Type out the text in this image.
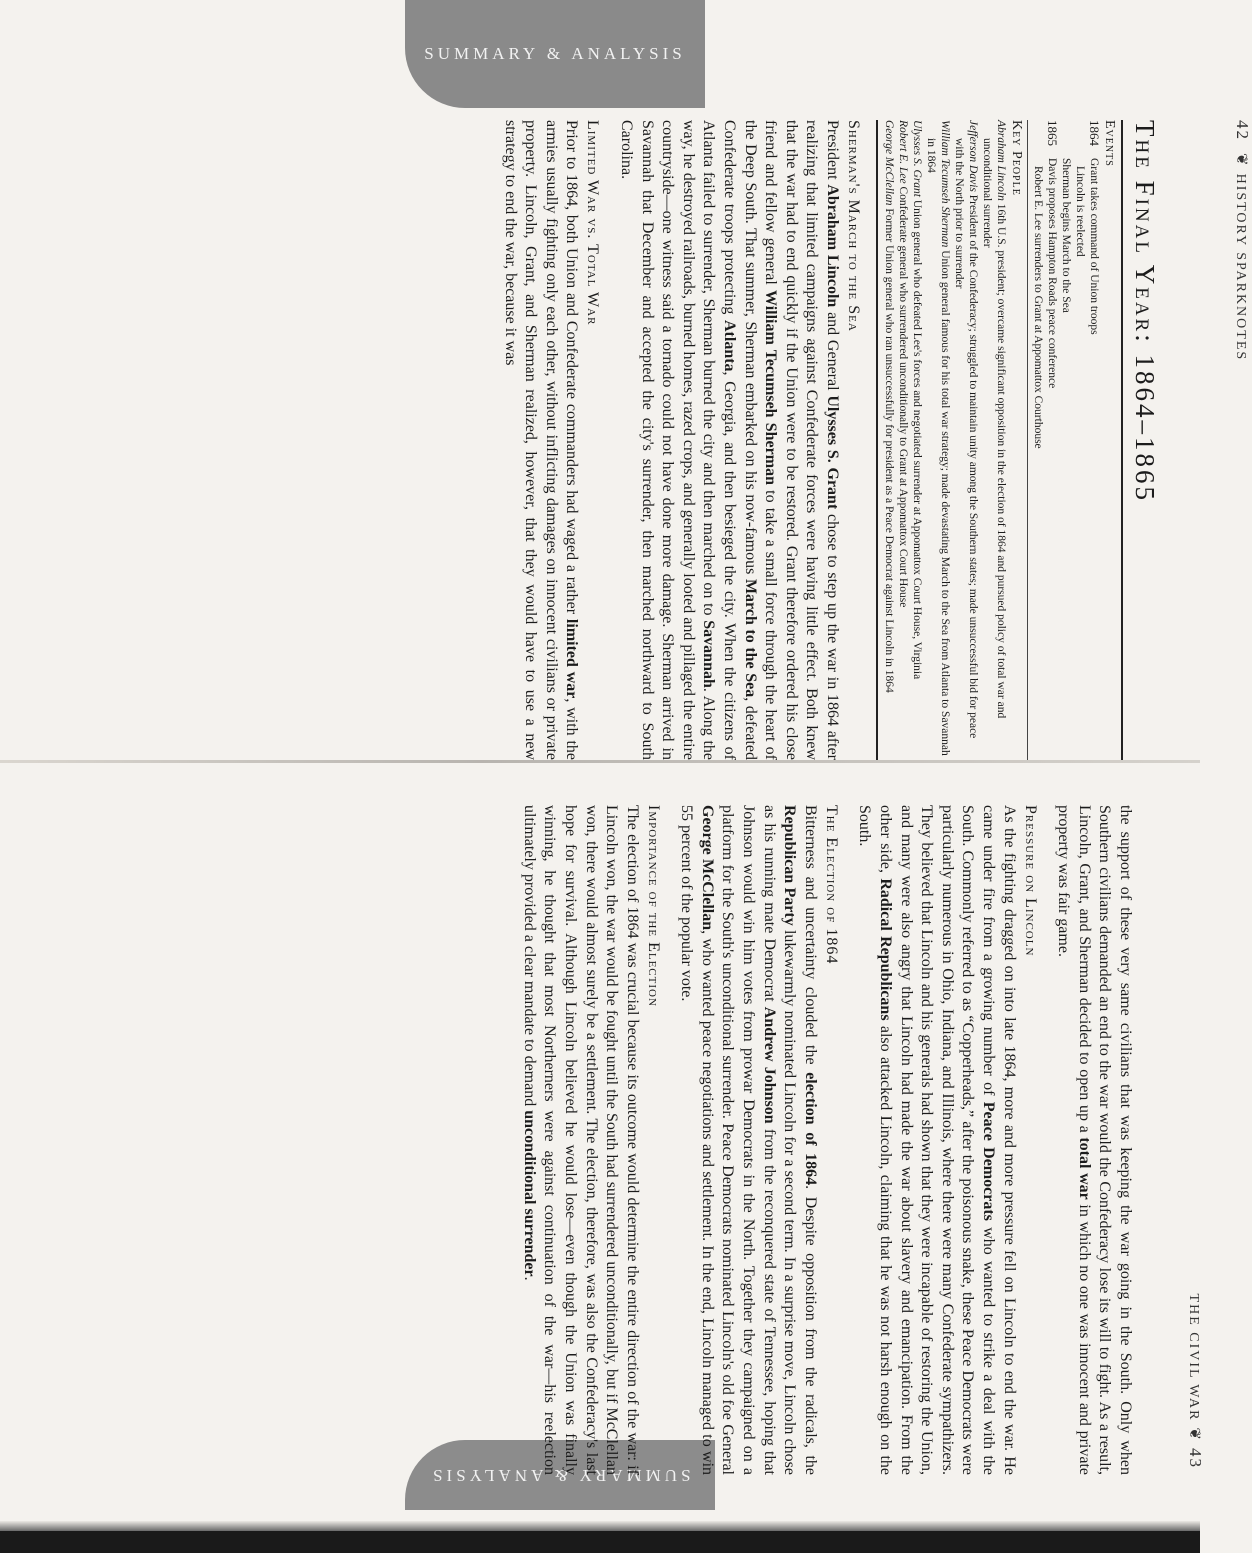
SUMMARY & ANALYSIS
SUMMARY & ANALYSIS
42❦HISTORY SPARKNOTES
The Final Year: 1864–1865
Events
1864
Grant takes command of Union troops
Lincoln is reelected
Sherman begins March to the Sea
1865
Davis proposes Hampton Roads peace conference
Robert E. Lee surrenders to Grant at Appomattox Courthouse
Key People
Abraham Lincoln 16th U.S. president; overcame significant opposition in the election of 1864 and pursued policy of total war and unconditional surrender
Jefferson Davis President of the Confederacy; struggled to maintain unity among the Southern states; made unsuccessful bid for peace with the North prior to surrender
William Tecumseh Sherman Union general famous for his total war strategy; made devastating March to the Sea from Atlanta to Savannah in 1864
Ulysses S. Grant Union general who defeated Lee's forces and negotiated surrender at Appomattox Court House, Virginia
Robert E. Lee Confederate general who surrendered unconditionally to Grant at Appomattox Court House
George McClellan Former Union general who ran unsuccessfully for president as a Peace Democrat against Lincoln in 1864
Sherman's March to the Sea

President Abraham Lincoln and General Ulysses S. Grant chose to step up the war in 1864 after realizing that limited campaigns against Confederate forces were having little effect. Both knew that the war had to end quickly if the Union were to be restored. Grant therefore ordered his close friend and fellow general William Tecumseh Sherman to take a small force through the heart of the Deep South. That summer, Sherman embarked on his now-famous March to the Sea, defeated Confederate troops protecting Atlanta, Georgia, and then besieged the city. When the citizens of Atlanta failed to surrender, Sherman burned the city and then marched on to Savannah. Along the way, he destroyed railroads, burned homes, razed crops, and generally looted and pillaged the entire countryside—one witness said a tornado could not have done more damage. Sherman arrived in Savannah that December and accepted the city's surrender, then marched northward to South Carolina.

Limited War vs. Total War

Prior to 1864, both Union and Confederate commanders had waged a rather limited war, with the armies usually fighting only each other, without inflicting damages on innocent civilians or private property. Lincoln, Grant, and Sherman realized, however, that they would have to use a new strategy to end the war, because it was

THE CIVIL WAR❦43

the support of these very same civilians that was keeping the war going in the South. Only when Southern civilians demanded an end to the war would the Confederacy lose its will to fight. As a result, Lincoln, Grant, and Sherman decided to open up a total war in which no one was innocent and private property was fair game.

Pressure on Lincoln

As the fighting dragged on into late 1864, more and more pressure fell on Lincoln to end the war. He came under fire from a growing number of Peace Democrats who wanted to strike a deal with the South. Commonly referred to as “Copperheads,” after the poisonous snake, these Peace Democrats were particularly numerous in Ohio, Indiana, and Illinois, where there were many Confederate sympathizers. They believed that Lincoln and his generals had shown that they were incapable of restoring the Union, and many were also angry that Lincoln had made the war about slavery and emancipation. From the other side, Radical Republicans also attacked Lincoln, claiming that he was not harsh enough on the South.

The Election of 1864

Bitterness and uncertainty clouded the election of 1864. Despite opposition from the radicals, the Republican Party lukewarmly nominated Lincoln for a second term. In a surprise move, Lincoln chose as his running mate Democrat Andrew Johnson from the reconquered state of Tennessee, hoping that Johnson would win him votes from prowar Democrats in the North. Together they campaigned on a platform for the South's unconditional surrender. Peace Democrats nominated Lincoln's old foe General George McClellan, who wanted peace negotiations and settlement. In the end, Lincoln managed to win 55 percent of the popular vote.

Importance of the Election

The election of 1864 was crucial because its outcome would determine the entire direction of the war: if Lincoln won, the war would be fought until the South had surrendered unconditionally, but if McClellan won, there would almost surely be a settlement. The election, therefore, was also the Confederacy's last hope for survival. Although Lincoln believed he would lose—even though the Union was finally winning, he thought that most Northerners were against continuation of the war—his reelection ultimately provided a clear mandate to demand unconditional surrender.
